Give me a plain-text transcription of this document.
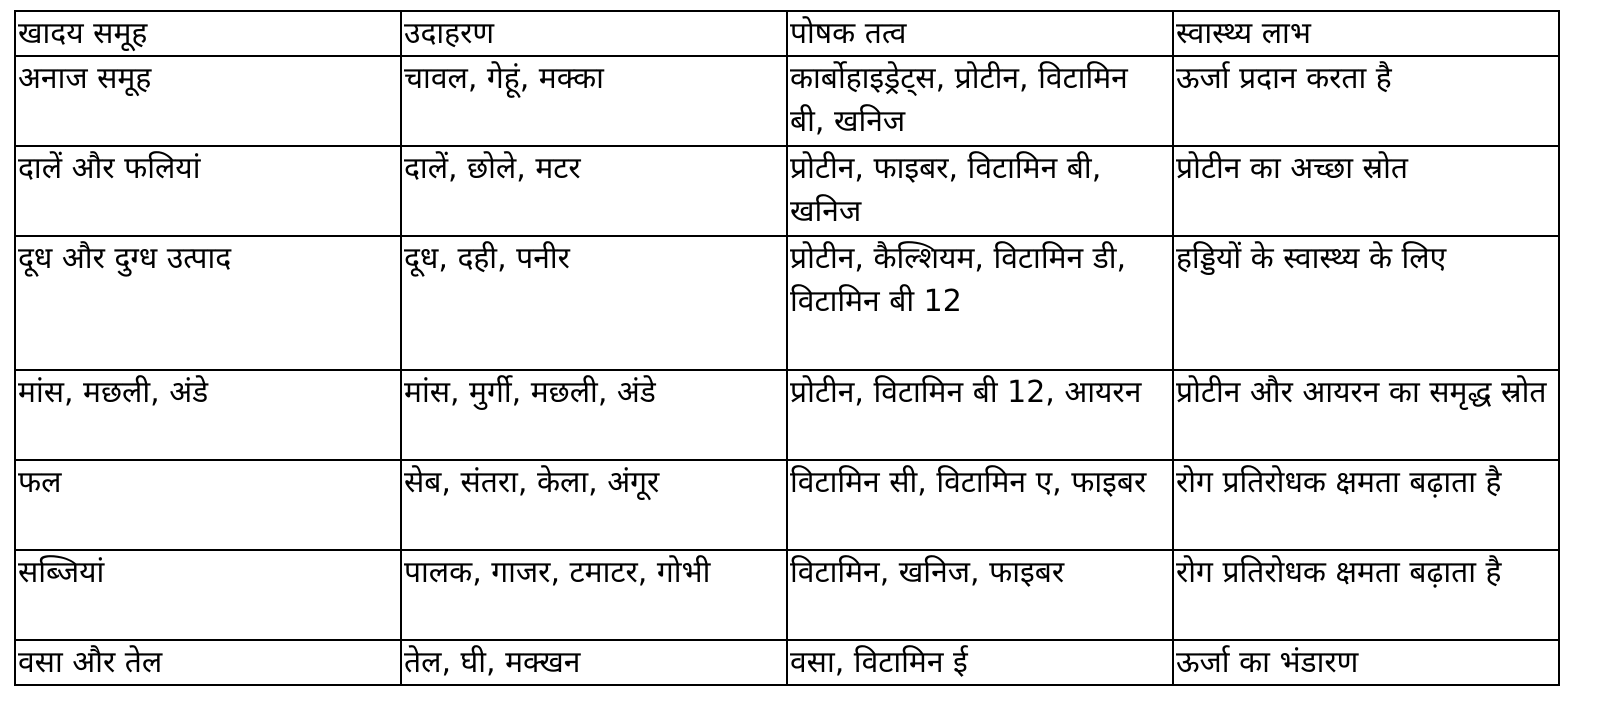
खादय समूह	उदाहरण	पोषक तत्व	स्वास्थ्य लाभ
अनाज समूह	चावल, गेहूं, मक्का	कार्बोहाइड्रेट्स, प्रोटीन, विटामिन बी, खनिज	ऊर्जा प्रदान करता है
दालें और फलियां	दालें, छोले, मटर	प्रोटीन, फाइबर, विटामिन बी, खनिज	प्रोटीन का अच्छा स्रोत
दूध और दुग्ध उत्पाद	दूध, दही, पनीर	प्रोटीन, कैल्शियम, विटामिन डी, विटामिन बी 12	हड्डियों के स्वास्थ्य के लिए
मांस, मछली, अंडे	मांस, मुर्गी, मछली, अंडे	प्रोटीन, विटामिन बी 12, आयरन	प्रोटीन और आयरन का समृद्ध स्रोत
फल	सेब, संतरा, केला, अंगूर	विटामिन सी, विटामिन ए, फाइबर	रोग प्रतिरोधक क्षमता बढ़ाता है
सब्जियां	पालक, गाजर, टमाटर, गोभी	विटामिन, खनिज, फाइबर	रोग प्रतिरोधक क्षमता बढ़ाता है
वसा और तेल	तेल, घी, मक्खन	वसा, विटामिन ई	ऊर्जा का भंडारण
